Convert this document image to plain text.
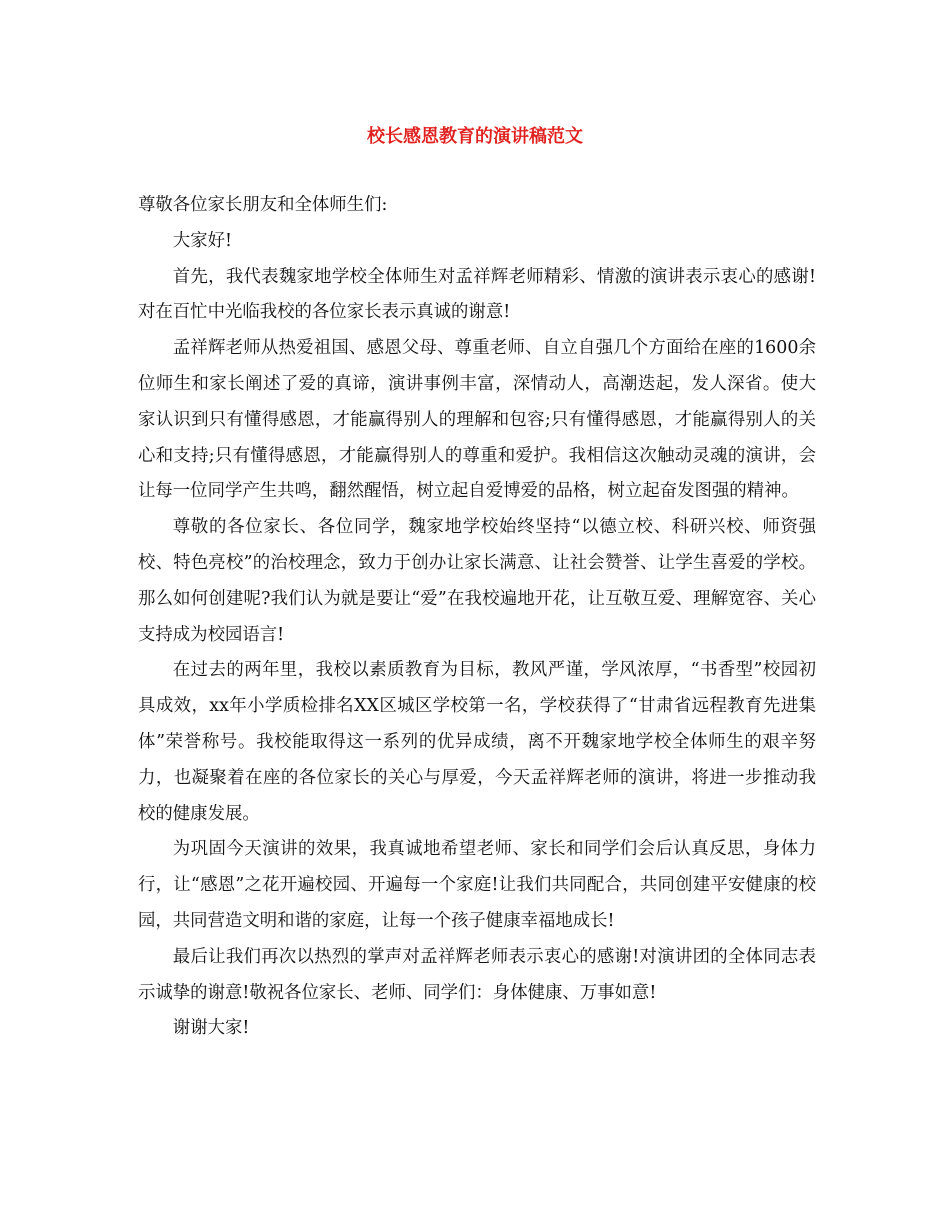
校长感恩教育的演讲稿范文

尊敬各位家长朋友和全体师生们:

大家好!

首先，我代表魏家地学校全体师生对孟祥辉老师精彩、情激的演讲表示衷心的感谢!对在百忙中光临我校的各位家长表示真诚的谢意!

孟祥辉老师从热爱祖国、感恩父母、尊重老师、自立自强几个方面给在座的1600余位师生和家长阐述了爱的真谛，演讲事例丰富，深情动人，高潮迭起，发人深省。使大家认识到只有懂得感恩，才能赢得别人的理解和包容;只有懂得感恩，才能赢得别人的关心和支持;只有懂得感恩，才能赢得别人的尊重和爱护。我相信这次触动灵魂的演讲，会让每一位同学产生共鸣，翻然醒悟，树立起自爱博爱的品格，树立起奋发图强的精神。

尊敬的各位家长、各位同学，魏家地学校始终坚持“以德立校、科研兴校、师资强校、特色亮校”的治校理念，致力于创办让家长满意、让社会赞誉、让学生喜爱的学校。那么如何创建呢?我们认为就是要让“爱”在我校遍地开花，让互敬互爱、理解宽容、关心支持成为校园语言!

在过去的两年里，我校以素质教育为目标，教风严谨，学风浓厚，“书香型”校园初具成效，xx年小学质检排名XX区城区学校第一名，学校获得了“甘肃省远程教育先进集体”荣誉称号。我校能取得这一系列的优异成绩，离不开魏家地学校全体师生的艰辛努力，也凝聚着在座的各位家长的关心与厚爱，今天孟祥辉老师的演讲，将进一步推动我校的健康发展。

为巩固今天演讲的效果，我真诚地希望老师、家长和同学们会后认真反思，身体力行，让“感恩”之花开遍校园、开遍每一个家庭!让我们共同配合，共同创建平安健康的校园，共同营造文明和谐的家庭，让每一个孩子健康幸福地成长!

最后让我们再次以热烈的掌声对孟祥辉老师表示衷心的感谢!对演讲团的全体同志表示诚挚的谢意!敬祝各位家长、老师、同学们：身体健康、万事如意!

谢谢大家!
